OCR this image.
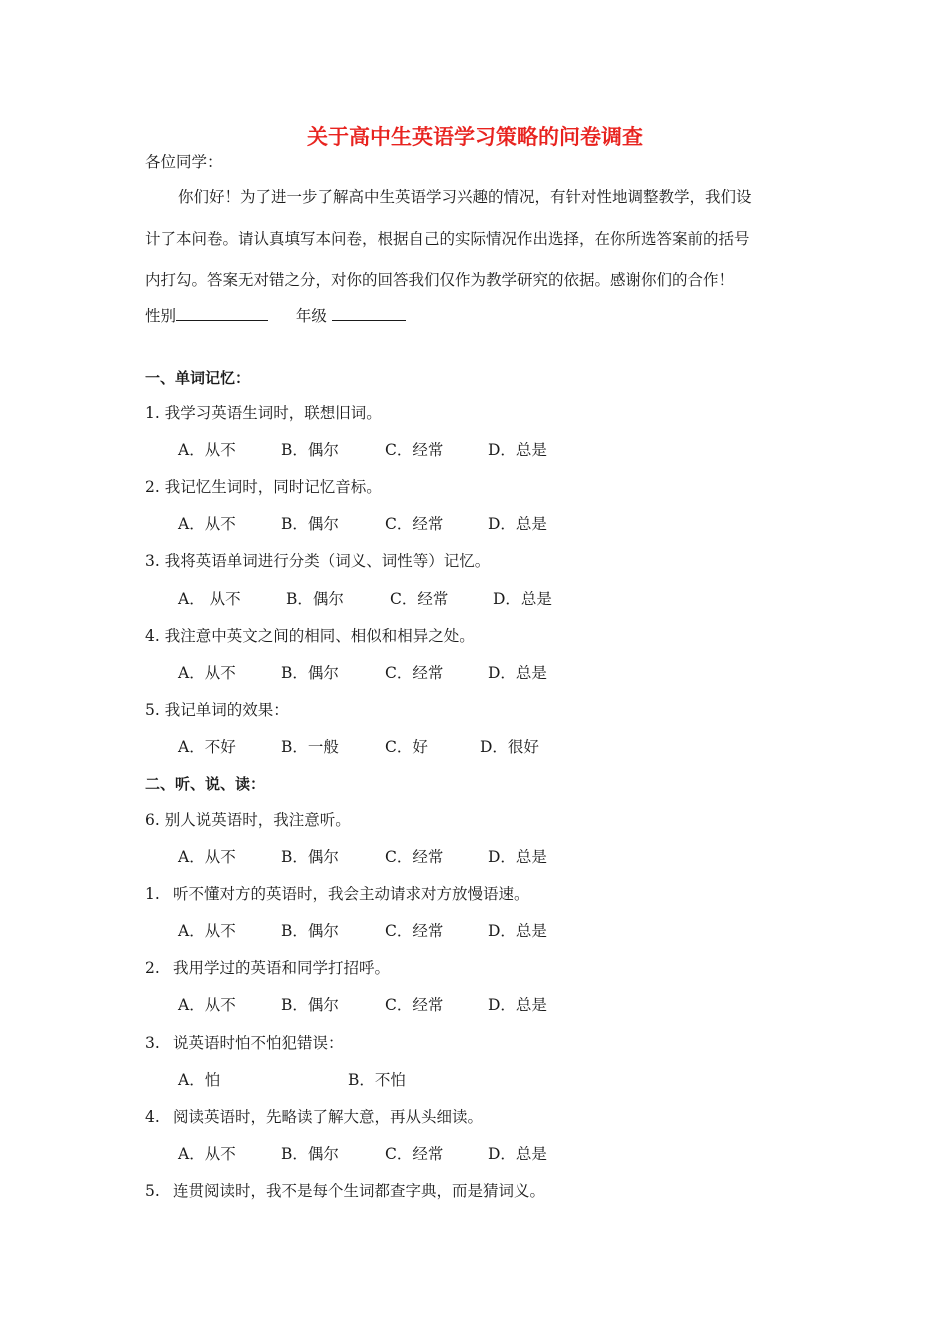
关于高中生英语学习策略的问卷调查
各位同学：
你们好！为了进一步了解高中生英语学习兴趣的情况，有针对性地调整教学，我们设
计了本问卷。请认真填写本问卷，根据自己的实际情况作出选择，在你所选答案前的括号
内打勾。答案无对错之分，对你的回答我们仅作为教学研究的依据。感谢你们的合作！
性别	年级
一、单词记忆：
1. 我学习英语生词时，联想旧词。
A．从不	B．偶尔	C．经常	D．总是
2. 我记忆生词时，同时记忆音标。
A．从不	B．偶尔	C．经常	D．总是
3. 我将英语单词进行分类（词义、词性等）记忆。
A． 从不	B．偶尔	C．经常	D．总是
4. 我注意中英文之间的相同、相似和相异之处。
A．从不	B．偶尔	C．经常	D．总是
5. 我记单词的效果：
A．不好	B．一般	C．好	D．很好
二、听、说、读：
6. 别人说英语时，我注意听。
A．从不	B．偶尔	C．经常	D．总是
1. 听不懂对方的英语时，我会主动请求对方放慢语速。
A．从不	B．偶尔	C．经常	D．总是
2. 我用学过的英语和同学打招呼。
A．从不	B．偶尔	C．经常	D．总是
3. 说英语时怕不怕犯错误：
A．怕	B．不怕
4. 阅读英语时，先略读了解大意，再从头细读。
A．从不	B．偶尔	C．经常	D．总是
5. 连贯阅读时，我不是每个生词都查字典，而是猜词义。
